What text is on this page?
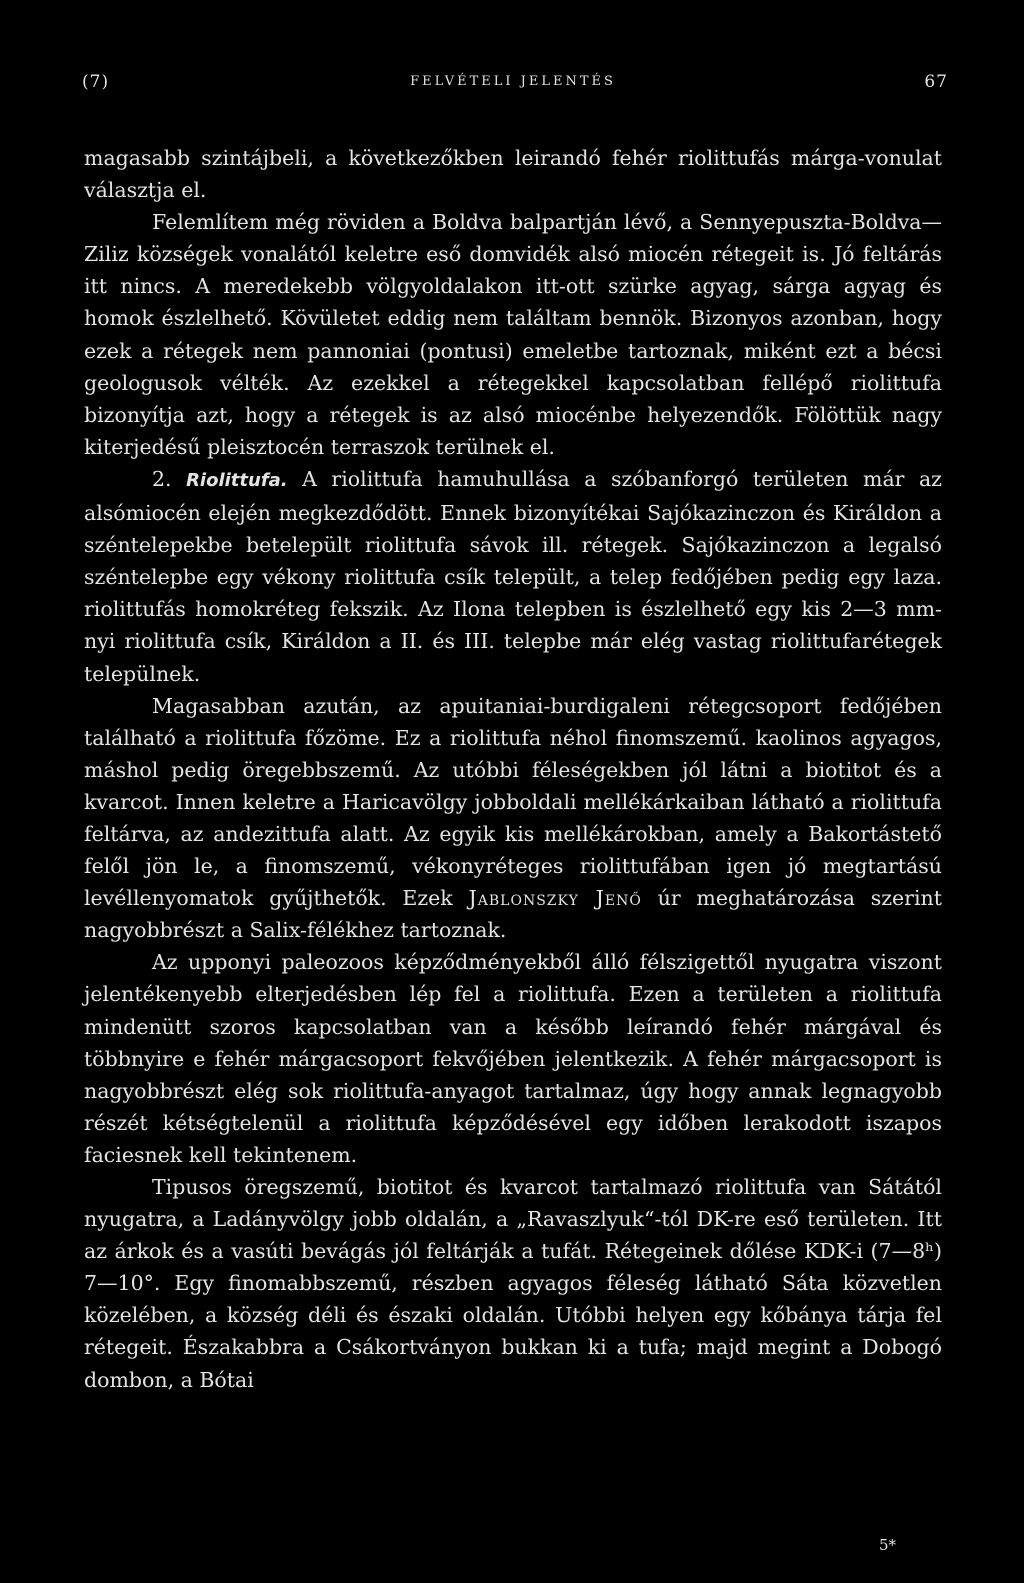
(7)	FELVÉTELI JELENTÉS	67

magasabb szintájbeli, a következőkben leirandó fehér riolittufás márga-vonulat választja el.

Felemlítem még röviden a Boldva balpartján lévő, a Sennyepuszta-Boldva—Ziliz községek vonalától keletre eső domvidék alsó miocén rétegeit is. Jó feltárás itt nincs. A meredekebb völgyoldalakon itt-ott szürke agyag, sárga agyag és homok észlelhető. Kövületet eddig nem találtam bennök. Bizonyos azonban, hogy ezek a rétegek nem pannoniai (pontusi) emeletbe tartoznak, miként ezt a bécsi geologusok vélték. Az ezekkel a rétegekkel kapcsolatban fellépő riolittufa bizonyítja azt, hogy a rétegek is az alsó miocénbe helyezendők. Fölöttük nagy kiterjedésű pleisztocén terraszok terülnek el.

2. Riolittufa. A riolittufa hamuhullása a szóbanforgó területen már az alsómiocén elején megkezdődött. Ennek bizonyítékai Sajókazinczon és Királdon a széntelepekbe betelepült riolittufa sávok ill. rétegek. Sajókazinczon a legalsó széntelepbe egy vékony riolittufa csík települt, a telep fedőjében pedig egy laza. riolittufás homokréteg fekszik. Az Ilona telepben is észlelhető egy kis 2—3 mm-nyi riolittufa csík, Királdon a II. és III. telepbe már elég vastag riolittufarétegek települnek.

Magasabban azután, az apuitaniai-burdigaleni rétegcsoport fedőjében található a riolittufa főzöme. Ez a riolittufa néhol finomszemű. kaolinos agyagos, máshol pedig öregebbszemű. Az utóbbi féleségekben jól látni a biotitot és a kvarcot. Innen keletre a Haricavölgy jobboldali mellékárkaiban látható a riolittufa feltárva, az andezittufa alatt. Az egyik kis mellékárokban, amely a Bakortástető felől jön le, a finomszemű, vékonyréteges riolittufában igen jó megtartású levéllenyomatok gyűjthetők. Ezek Jablonszky Jenő úr meghatározása szerint nagyobbrészt a Salix-félékhez tartoznak.

Az upponyi paleozoos képződményekből álló félszigettől nyugatra viszont jelentékenyebb elterjedésben lép fel a riolittufa. Ezen a területen a riolittufa mindenütt szoros kapcsolatban van a később leírandó fehér márgával és többnyire e fehér márgacsoport fekvőjében jelentkezik. A fehér márgacsoport is nagyobbrészt elég sok riolittufa-anyagot tartalmaz, úgy hogy annak legnagyobb részét kétségtelenül a riolittufa képződésével egy időben lerakodott iszapos faciesnek kell tekintenem.

Tipusos öregszemű, biotitot és kvarcot tartalmazó riolittufa van Sátától nyugatra, a Ladányvölgy jobb oldalán, a „Ravaszlyuk“-tól DK-re eső területen. Itt az árkok és a vasúti bevágás jól feltárják a tufát. Rétegeinek dőlése KDK-i (7—8ʰ) 7—10°. Egy finomabbszemű, részben agyagos féleség látható Sáta közvetlen közelében, a község déli és északi oldalán. Utóbbi helyen egy kőbánya tárja fel rétegeit. Északabbra a Csákortványon bukkan ki a tufa; majd megint a Dobogó dombon, a Bótai

5*
